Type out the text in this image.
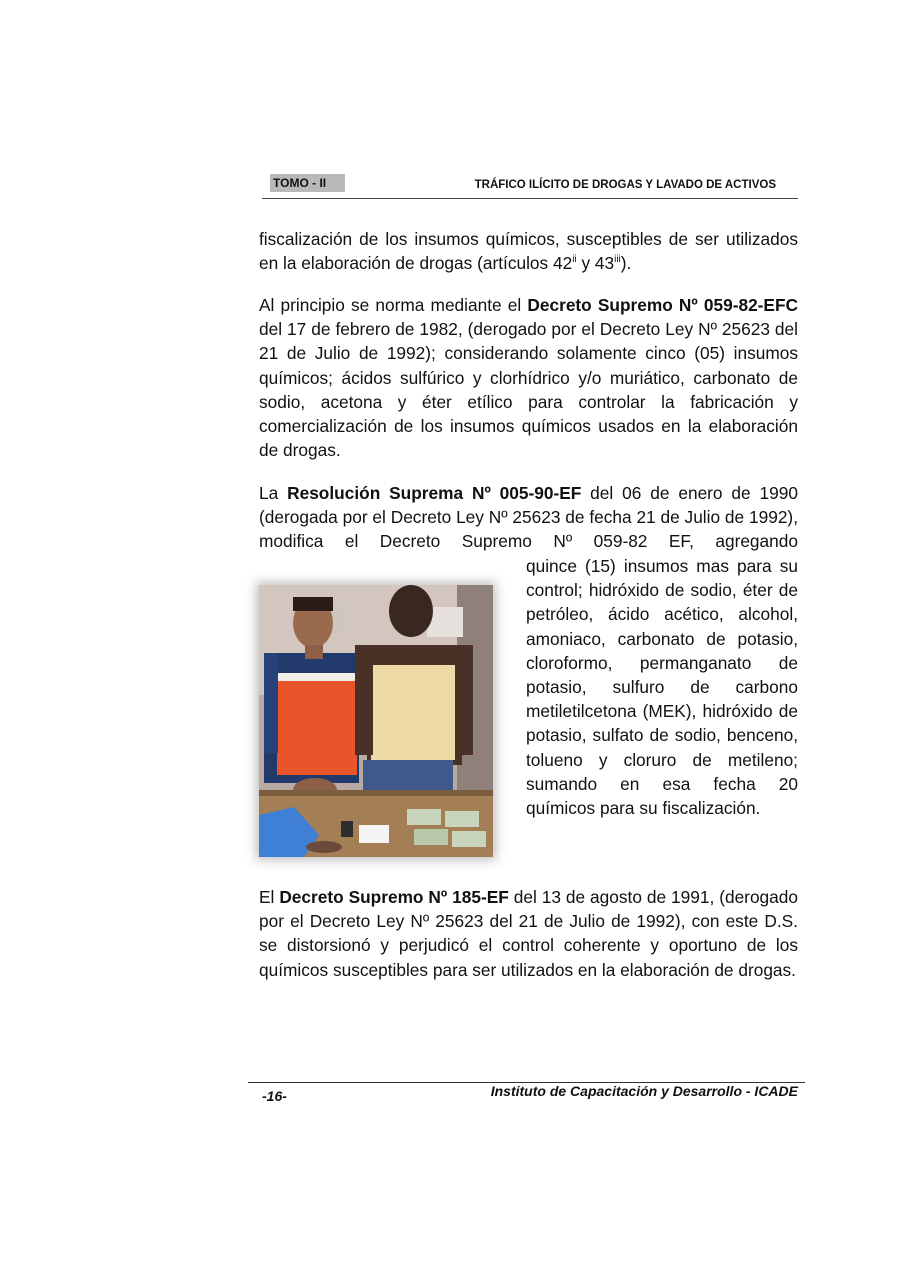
TOMO - II	TRÁFICO ILÍCITO DE DROGAS Y LAVADO DE ACTIVOS

fiscalización de los insumos químicos, susceptibles de ser utilizados en la elaboración de drogas (artículos 42$^{ii}$ y 43$^{iii}$).

Al principio se norma mediante el Decreto Supremo Nº 059-82-EFC del 17 de febrero de 1982, (derogado por el Decreto Ley Nº 25623 del 21 de Julio de 1992); considerando solamente cinco (05) insumos químicos; ácidos sulfúrico y clorhídrico y/o muriático, carbonato de sodio, acetona y éter etílico para controlar la fabricación y comercialización de los insumos químicos usados en la elaboración de drogas.

La Resolución Suprema Nº 005-90-EF del 06 de enero de 1990 (derogada por el Decreto Ley Nº 25623 de fecha 21 de Julio de 1992), modifica el Decreto Supremo Nº 059-82 EF, agregando

quince (15) insumos mas para su control; hidróxido de sodio, éter de petróleo, ácido acético, alcohol, amoniaco, carbonato de potasio, cloroformo, permanganato de potasio, sulfuro de carbono metiletilcetona (MEK), hidróxido de potasio, sulfato de sodio, benceno, tolueno y cloruro de metileno; sumando en esa fecha 20 químicos para su fiscalización.

El Decreto Supremo Nº 185-EF del 13 de agosto de 1991, (derogado por el Decreto Ley Nº 25623 del 21 de Julio de 1992), con este D.S. se distorsionó y perjudicó el control coherente y oportuno de los químicos susceptibles para ser utilizados en la elaboración de drogas.

-16-	Instituto de Capacitación y Desarrollo - ICADE
